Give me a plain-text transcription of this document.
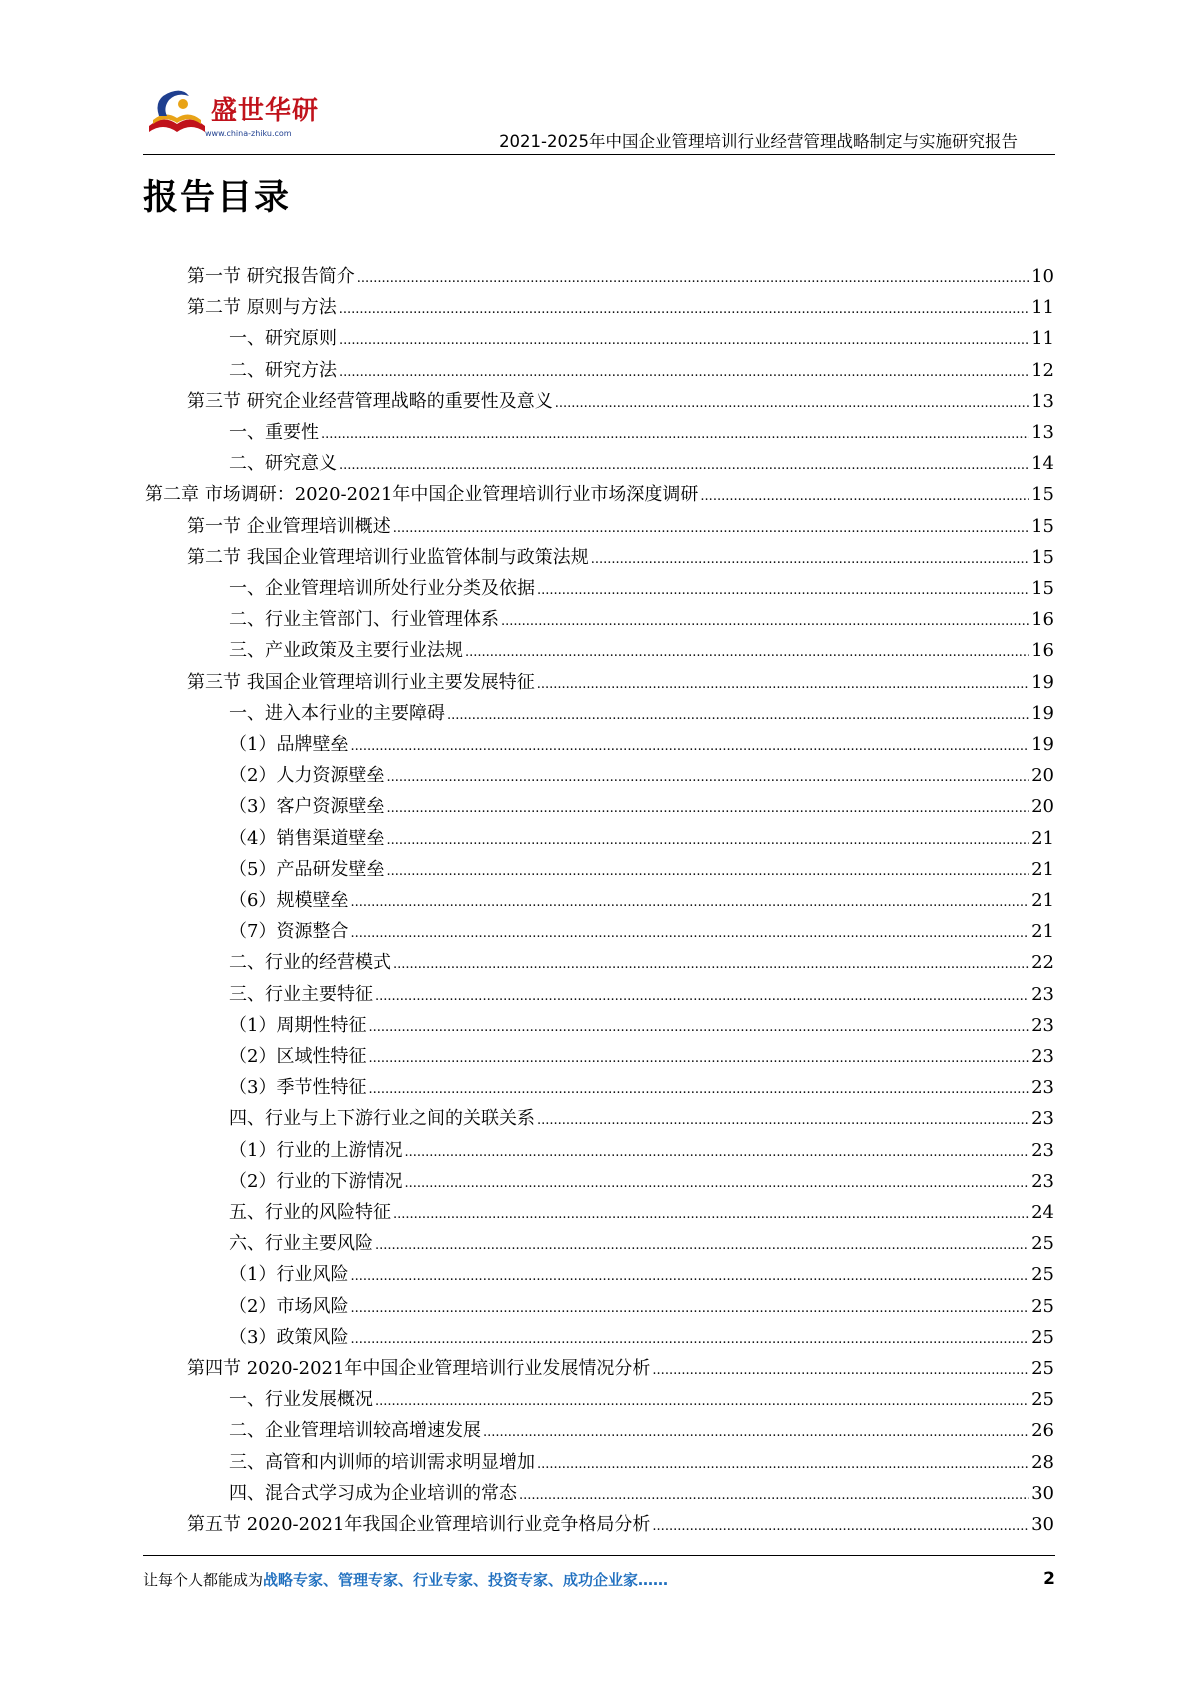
盛世华研
www.china-zhiku.com	2021-2025年中国企业管理培训行业经营管理战略制定与实施研究报告
报告目录
第一节 研究报告简介 .....	10
第二节 原则与方法 .....	11
一、研究原则 .....	11
二、研究方法 .....	12
第三节 研究企业经营管理战略的重要性及意义 .....	13
一、重要性 .....	13
二、研究意义 .....	14
第二章 市场调研：2020-2021年中国企业管理培训行业市场深度调研 .....	15
第一节 企业管理培训概述 .....	15
第二节 我国企业管理培训行业监管体制与政策法规 .....	15
一、企业管理培训所处行业分类及依据 .....	15
二、行业主管部门、行业管理体系 .....	16
三、产业政策及主要行业法规 .....	16
第三节 我国企业管理培训行业主要发展特征 .....	19
一、进入本行业的主要障碍 .....	19
（1）品牌壁垒 .....	19
（2）人力资源壁垒 .....	20
（3）客户资源壁垒 .....	20
（4）销售渠道壁垒 .....	21
（5）产品研发壁垒 .....	21
（6）规模壁垒 .....	21
（7）资源整合 .....	21
二、行业的经营模式 .....	22
三、行业主要特征 .....	23
（1）周期性特征 .....	23
（2）区域性特征 .....	23
（3）季节性特征 .....	23
四、行业与上下游行业之间的关联关系 .....	23
（1）行业的上游情况 .....	23
（2）行业的下游情况 .....	23
五、行业的风险特征 .....	24
六、行业主要风险 .....	25
（1）行业风险 .....	25
（2）市场风险 .....	25
（3）政策风险 .....	25
第四节 2020-2021年中国企业管理培训行业发展情况分析 .....	25
一、行业发展概况 .....	25
二、企业管理培训较高增速发展 .....	26
三、高管和内训师的培训需求明显增加 .....	28
四、混合式学习成为企业培训的常态 .....	30
第五节 2020-2021年我国企业管理培训行业竞争格局分析 .....	30
让每个人都能成为战略专家、管理专家、行业专家、投资专家、成功企业家……	2
